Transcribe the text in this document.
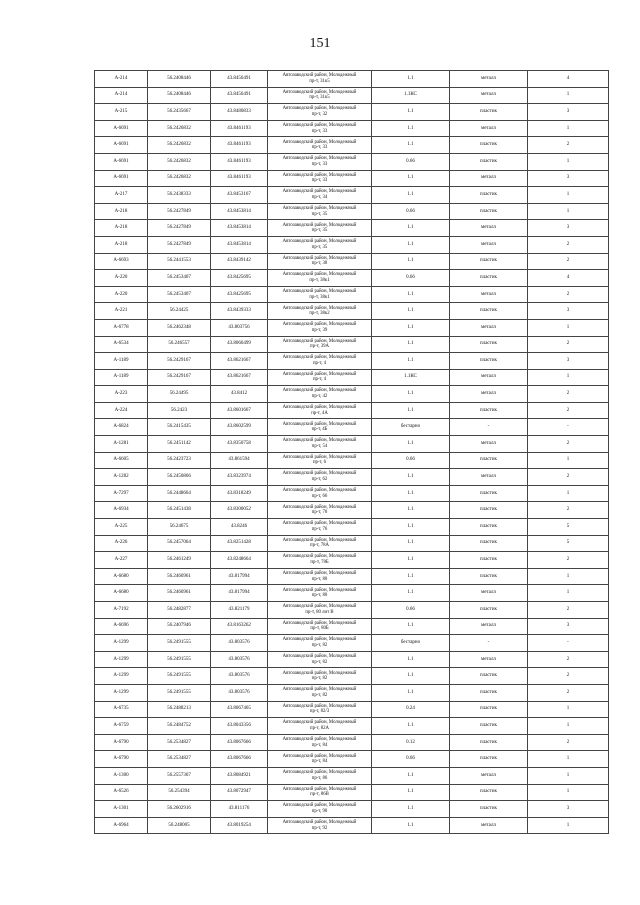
151
А-214	56.2408446	43.8456491	Автозаводский район, Молодежный
пр-т, 31к5	1.1	металл	4
А-214	56.2408446	43.8456491	Автозаводский район, Молодежный
пр-т, 31к5	1.1КС	металл	1
А-215	56.2435667	43.8480833	Автозаводский район, Молодежный
пр-т, 32	1.1	пластик	3
А-6691	56.2426832	43.8461193	Автозаводский район, Молодежный
пр-т, 33	1.1	металл	1
А-6691	56.2426832	43.8461193	Автозаводский район, Молодежный
пр-т, 33	1.1	пластик	2
А-6691	56.2426832	43.8461193	Автозаводский район, Молодежный
пр-т, 33	0.66	пластик	1
А-6691	56.2426832	43.8461193	Автозаводский район, Молодежный
пр-т, 33	1.1	металл	3
А-217	56.2438333	43.8453167	Автозаводский район, Молодежный
пр-т, 34	1.1	пластик	1
А-218	56.2427849	43.8453814	Автозаводский район, Молодежный
пр-т, 35	0.66	пластик	1
А-218	56.2427849	43.8453814	Автозаводский район, Молодежный
пр-т, 35	1.1	металл	3
А-218	56.2427849	43.8453814	Автозаводский район, Молодежный
пр-т, 35	1.1	металл	2
А-6693	56.2441553	43.8439142	Автозаводский район, Молодежный
пр-т, 38	1.1	пластик	2
А-220	56.2453407	43.8425695	Автозаводский район, Молодежный
пр-т, 38к1	0.66	пластик	4
А-220	56.2453407	43.8425695	Автозаводский район, Молодежный
пр-т, 38к1	1.1	металл	2
А-221	56.24425	43.8439333	Автозаводский район, Молодежный
пр-т, 38к2	1.1	пластик	3
А-6778	56.2462348	43.803756	Автозаводский район, Молодежный
пр-т, 39	1.1	металл	1
А-6534	56.246557	43.8066499	Автозаводский район, Молодежный
пр-т, 39А	1.1	пластик	2
А-1189	56.2429167	43.8621667	Автозаводский район, Молодежный
пр-т, 4	1.1	пластик	3
А-1189	56.2429167	43.8621667	Автозаводский район, Молодежный
пр-т, 4	1.1КС	металл	1
А-223	56.24495	43.8412	Автозаводский район, Молодежный
пр-т, 42	1.1	металл	2
А-224	56.2423	43.8601667	Автозаводский район, Молодежный
пр-т, 4А	1.1	пластик	2
А-6824	56.2415435	43.8602599	Автозаводский район, Молодежный
пр-т, 4Б	бестарно	-	-
А-1281	56.2451142	43.8350758	Автозаводский район, Молодежный
пр-т, 54	1.1	металл	2
А-6605	56.2423723	43.861594	Автозаводский район, Молодежный
пр-т, 6	0.66	пластик	1
А-1282	56.2450866	43.8323974	Автозаводский район, Молодежный
пр-т, 62	1.1	металл	2
А-7297	56.2448664	43.8318249	Автозаводский район, Молодежный
пр-т, 66	1.1	пластик	1
А-6934	56.2451438	43.8300052	Автозаводский район, Молодежный
пр-т, 70	1.1	пластик	2
А-225	56.24675	43.8246	Автозаводский район, Молодежный
пр-т, 76	1.1	пластик	5
А-226	56.2457064	43.8251428	Автозаводский район, Молодежный
пр-т, 78А	1.1	пластик	5
А-227	56.2461249	43.8248664	Автозаводский район, Молодежный
пр-т, 78Б	1.1	пластик	2
А-6680	56.2466961	43.817994	Автозаводский район, Молодежный
пр-т, 80	1.1	пластик	1
А-6680	56.2466961	43.817994	Автозаводский район, Молодежный
пр-т, 80	1.1	металл	1
А-7192	56.2482877	43.821179	Автозаводский район, Молодежный
пр-т, 80 лит В	0.66	пластик	2
А-6696	56.2407946	43.8163262	Автозаводский район, Молодежный
пр-т, 80Б	1.1	металл	3
А-1299	56.2491555	43.803576	Автозаводский район, Молодежный
пр-т, 82	бестарно	-	-
А-1299	56.2491555	43.803576	Автозаводский район, Молодежный
пр-т, 82	1.1	металл	2
А-1299	56.2491555	43.803576	Автозаводский район, Молодежный
пр-т, 82	1.1	пластик	2
А-1299	56.2491555	43.803576	Автозаводский район, Молодежный
пр-т, 82	1.1	пластик	2
А-6735	56.2488213	43.8067465	Автозаводский район, Молодежный
пр-т, 82/3	0.24	пластик	1
А-6759	56.2484752	43.8043356	Автозаводский район, Молодежный
пр-т, 82А	1.1	пластик	1
А-6790	56.2534827	43.8067666	Автозаводский район, Молодежный
пр-т, 84	0.12	пластик	2
А-6790	56.2534827	43.8067666	Автозаводский район, Молодежный
пр-т, 84	0.66	пластик	1
А-1300	56.2557367	43.8084921	Автозаводский район, Молодежный
пр-т, 86	1.1	металл	1
А-6526	56.254394	43.8072947	Автозаводский район, Молодежный
пр-т, 86В	1.1	пластик	1
А-1301	56.2602916	43.811176	Автозаводский район, Молодежный
пр-т, 90	1.1	пластик	3
А-6964	56.248005	43.8019254	Автозаводский район, Молодежный
пр-т, 92	1.1	металл	1
